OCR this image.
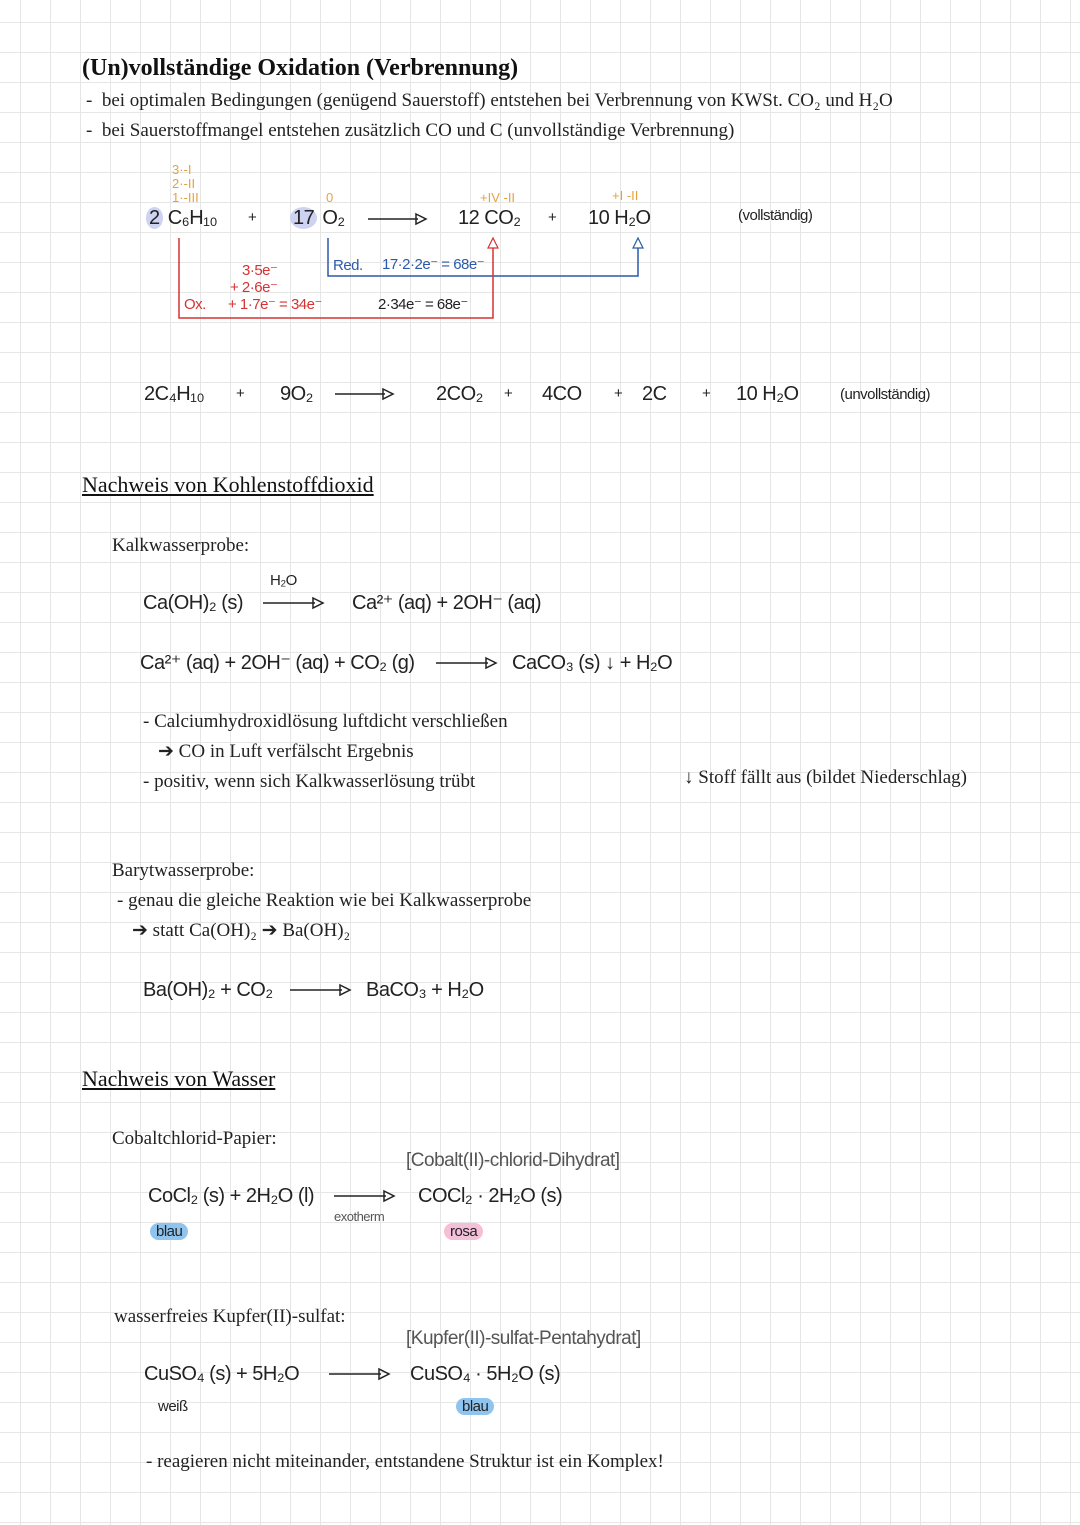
(Un)vollständige Oxidation (Verbrennung)
-  bei optimalen Bedingungen (genügend Sauerstoff) entstehen bei Verbrennung von KWSt. CO₂ und H₂O
-  bei Sauerstoffmangel entstehen zusätzlich CO und C (unvollständige Verbrennung)
3·-I
2·-II
1·-III
2 C₆H₁₀ +
0
17 O₂ →
+IV -II
12 CO₂ +
+I -II
10 H₂O	(vollständig)
Red. 17·2·2e⁻ = 68e⁻
3·5e⁻
+ 2·6e⁻
Ox. + 1·7e⁻ = 34e⁻	2·34e⁻ = 68e⁻
2C₄H₁₀ + 9O₂ → 2CO₂ + 4CO + 2C + 10 H₂O	(unvollständig)
Nachweis von Kohlenstoffdioxid
Kalkwasserprobe:
Ca(OH)₂ (s)
H₂O
Ca²⁺ (aq) + 2OH⁻ (aq)
Ca²⁺ (aq) + 2OH⁻ (aq) + CO₂ (g) → CaCO₃ (s) ↓ + H₂O
- Calciumhydroxidlösung luftdicht verschließen
➔ CO in Luft verfälscht Ergebnis
- positiv, wenn sich Kalkwasserlösung trübt	↓ Stoff fällt aus (bildet Niederschlag)
Barytwasserprobe:
- genau die gleiche Reaktion wie bei Kalkwasserprobe
➔ statt Ca(OH)₂ ➔ Ba(OH)₂
Ba(OH)₂ + CO₂ → BaCO₃ + H₂O
Nachweis von Wasser
Cobaltchlorid-Papier:
[Cobalt(II)-chlorid-Dihydrat]
CoCl₂ (s) + 2H₂O (l) →
exotherm
COCl₂ · 2H₂O (s)
blau	rosa
wasserfreies Kupfer(II)-sulfat:
[Kupfer(II)-sulfat-Pentahydrat]
CuSO₄ (s) + 5H₂O → CuSO₄ · 5H₂O (s)
weiß	blau
- reagieren nicht miteinander, entstandene Struktur ist ein Komplex!
